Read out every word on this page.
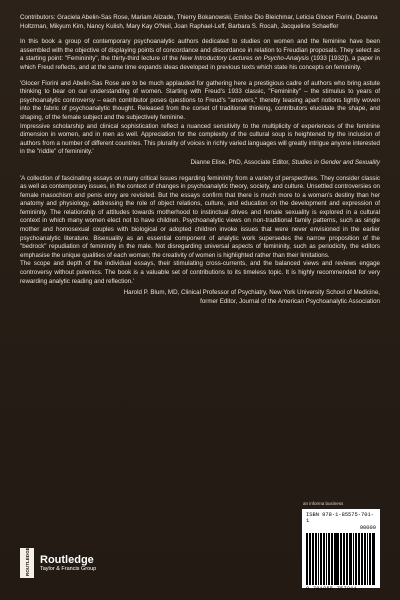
Contributors: Graciela Abelin-Sas Rose, Mariam Alizade, Thierry Bokanowski, Emilce Dio Bleichmar, Leticia Glocer Fiorini, Deanna Holtzman, Mikyum Kim, Nancy Kulish, Mary Kay O'Neil, Joan Raphael-Leff, Barbara S. Rocah, Jacqueline Schaeffer

In this book a group of contemporary psychoanalytic authors dedicated to studies on women and the feminine have been assembled with the objective of displaying points of concordance and discordance in relation to Freudian proposals. They select as a starting point: "Femininity", the thirty-third lecture of the New Introductory Lectures on Psycho-Analysis (1933 [1932]), a paper in which Freud reflects, and at the same time expands ideas developed in previous texts which state his concepts on femininity.

'Glocer Fiorini and Abelin-Sas Rose are to be much applauded for gathering here a prestigious cadre of authors who bring astute thinking to bear on our understanding of women. Starting with Freud's 1933 classic, "Femininity" – the stimulus to years of psychoanalytic controversy – each contributor poses questions to Freud's "answers," thereby teasing apart notions tightly woven into the fabric of psychoanalytic thought. Released from the corset of traditional thinking, contributors elucidate the shape, and shaping, of the female subject and the subjectively feminine.

Impressive scholarship and clinical sophistication reflect a nuanced sensitivity to the multiplicity of experiences of the feminine dimension in women, and in men as well. Appreciation for the complexity of the cultural soup is heightened by the inclusion of authors from a number of different countries. This plurality of voices in richly varied languages will greatly intrigue anyone interested in the "riddle" of femininity.'

Dianne Elise, PhD, Associate Editor, Studies in Gender and Sexuality

'A collection of fascinating essays on many critical issues regarding femininity from a variety of perspectives. They consider classic as well as contemporary issues, in the context of changes in psychoanalytic theory, society, and culture. Unsettled controversies on female masochism and penis envy are revisited. But the essays confirm that there is much more to a woman's destiny than her anatomy and physiology, addressing the role of object relations, culture, and education on the development and expression of femininity. The relationship of attitudes towards motherhood to instinctual drives and female sexuality is explored in a cultural context in which many women elect not to have children. Psychoanalytic views on non-traditional family patterns, such as single mother and homosexual couples with biological or adopted children invoke issues that were never envisioned in the earlier psychoanalytic literature. Bisexuality as an essential component of analytic work supersedes the narrow proposition of the "bedrock" repudiation of femininity in the male. Not disregarding universal aspects of femininity, such as periodicity, the editors emphasise the unique qualities of each woman; the creativity of women is highlighted rather than their limitations.

The scope and depth of the individual essays, their stimulating cross-currents, and the balanced views and reviews engage controversy without polemics. The book is a valuable set of contributions to its timeless topic. It is highly recommended for very rewarding analytic reading and reflection.'

Harold P. Blum, MD, Clinical Professor of Psychiatry, New York University School of Medicine,

former Editor, Journal of the American Psychoanalytic Association

ROUTLEDGE Routledge
Taylor & Francis Group
an informa business
ISBN 978-1-85575-701-1
90000
9 781855 757011
